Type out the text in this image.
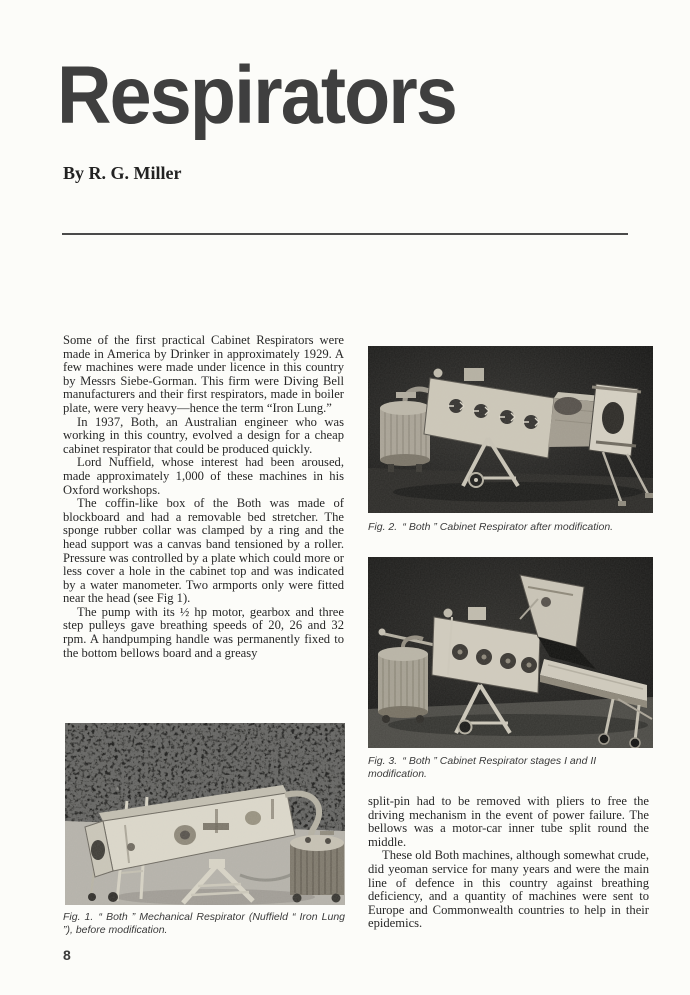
Respirators

By R. G. Miller

Some of the first practical Cabinet Respirators were made in America by Drinker in approximately 1929. A few machines were made under licence in this country by Messrs Siebe-Gorman. This firm were Diving Bell manufacturers and their first respirators, made in boiler plate, were very heavy—hence the term “Iron Lung.”

In 1937, Both, an Australian engineer who was working in this country, evolved a design for a cheap cabinet respirator that could be produced quickly.

Lord Nuffield, whose interest had been aroused, made approximately 1,000 of these machines in his Oxford workshops.

The coffin-like box of the Both was made of blockboard and had a removable bed stretcher. The sponge rubber collar was clamped by a ring and the head support was a canvas band tensioned by a roller. Pressure was controlled by a plate which could more or less cover a hole in the cabinet top and was indicated by a water manometer. Two armports only were fitted near the head (see Fig 1).

The pump with its ½ hp motor, gearbox and three step pulleys gave breathing speeds of 20, 26 and 32 rpm. A handpumping handle was permanently fixed to the bottom bellows board and a greasy

Fig. 2. “ Both ” Cabinet Respirator after modification.

Fig. 3. “ Both ” Cabinet Respirator stages I and II modification.

split-pin had to be removed with pliers to free the driving mechanism in the event of power failure. The bellows was a motor-car inner tube split round the middle.

These old Both machines, although somewhat crude, did yeoman service for many years and were the main line of defence in this country against breathing deficiency, and a quantity of machines were sent to Europe and Commonwealth countries to help in their epidemics.

Fig. 1. “ Both ” Mechanical Respirator (Nuffield “ Iron Lung ”), before modification.

8
